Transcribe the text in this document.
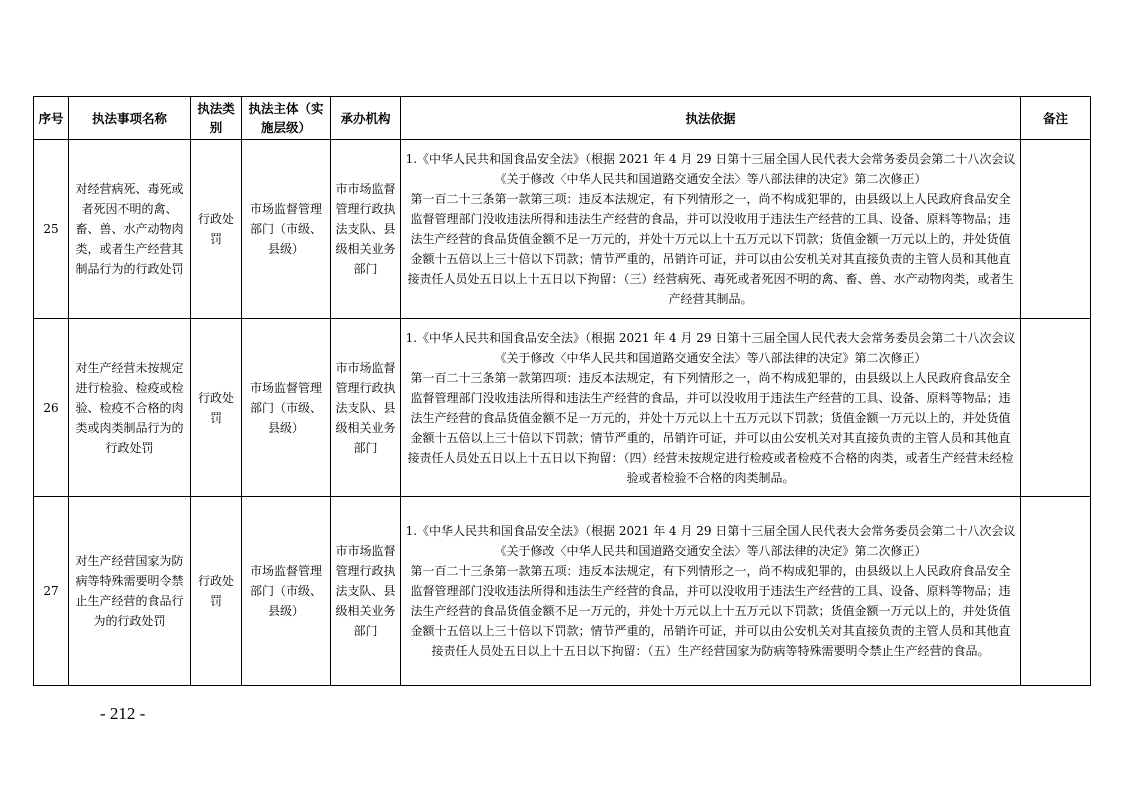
序号	执法事项名称	执法类别	执法主体（实施层级）	承办机构	执法依据	备注
25	对经营病死、毒死或者死因不明的禽、畜、兽、水产动物肉类，或者生产经营其制品行为的行政处罚	行政处罚	市场监督管理部门（市级、县级）	市市场监督管理行政执法支队、县级相关业务部门	1.《中华人民共和国食品安全法》（根据 2021 年 4 月 29 日第十三届全国人民代表大会常务委员会第二十八次会议《关于修改〈中华人民共和国道路交通安全法〉等八部法律的决定》第二次修正）

第一百二十三条第一款第三项：违反本法规定，有下列情形之一，尚不构成犯罪的，由县级以上人民政府食品安全监督管理部门没收违法所得和违法生产经营的食品，并可以没收用于违法生产经营的工具、设备、原料等物品；违法生产经营的食品货值金额不足一万元的，并处十万元以上十五万元以下罚款；货值金额一万元以上的，并处货值金额十五倍以上三十倍以下罚款；情节严重的，吊销许可证，并可以由公安机关对其直接负责的主管人员和其他直接责任人员处五日以上十五日以下拘留：（三）经营病死、毒死或者死因不明的禽、畜、兽、水产动物肉类，或者生产经营其制品。	

26	对生产经营未按规定进行检验、检疫或检验、检疫不合格的肉类或肉类制品行为的行政处罚	行政处罚	市场监督管理部门（市级、县级）	市市场监督管理行政执法支队、县级相关业务部门	1.《中华人民共和国食品安全法》（根据 2021 年 4 月 29 日第十三届全国人民代表大会常务委员会第二十八次会议《关于修改〈中华人民共和国道路交通安全法〉等八部法律的决定》第二次修正）

第一百二十三条第一款第四项：违反本法规定，有下列情形之一，尚不构成犯罪的，由县级以上人民政府食品安全监督管理部门没收违法所得和违法生产经营的食品，并可以没收用于违法生产经营的工具、设备、原料等物品；违法生产经营的食品货值金额不足一万元的，并处十万元以上十五万元以下罚款；货值金额一万元以上的，并处货值金额十五倍以上三十倍以下罚款；情节严重的，吊销许可证，并可以由公安机关对其直接负责的主管人员和其他直接责任人员处五日以上十五日以下拘留：（四）经营未按规定进行检疫或者检疫不合格的肉类，或者生产经营未经检验或者检验不合格的肉类制品。	

27	对生产经营国家为防病等特殊需要明令禁止生产经营的食品行为的行政处罚	行政处罚	市场监督管理部门（市级、县级）	市市场监督管理行政执法支队、县级相关业务部门	1.《中华人民共和国食品安全法》（根据 2021 年 4 月 29 日第十三届全国人民代表大会常务委员会第二十八次会议《关于修改〈中华人民共和国道路交通安全法〉等八部法律的决定》第二次修正）

第一百二十三条第一款第五项：违反本法规定，有下列情形之一，尚不构成犯罪的，由县级以上人民政府食品安全监督管理部门没收违法所得和违法生产经营的食品，并可以没收用于违法生产经营的工具、设备、原料等物品；违法生产经营的食品货值金额不足一万元的，并处十万元以上十五万元以下罚款；货值金额一万元以上的，并处货值金额十五倍以上三十倍以下罚款；情节严重的，吊销许可证，并可以由公安机关对其直接负责的主管人员和其他直接责任人员处五日以上十五日以下拘留：（五）生产经营国家为防病等特殊需要明令禁止生产经营的食品。	

- 212 -
